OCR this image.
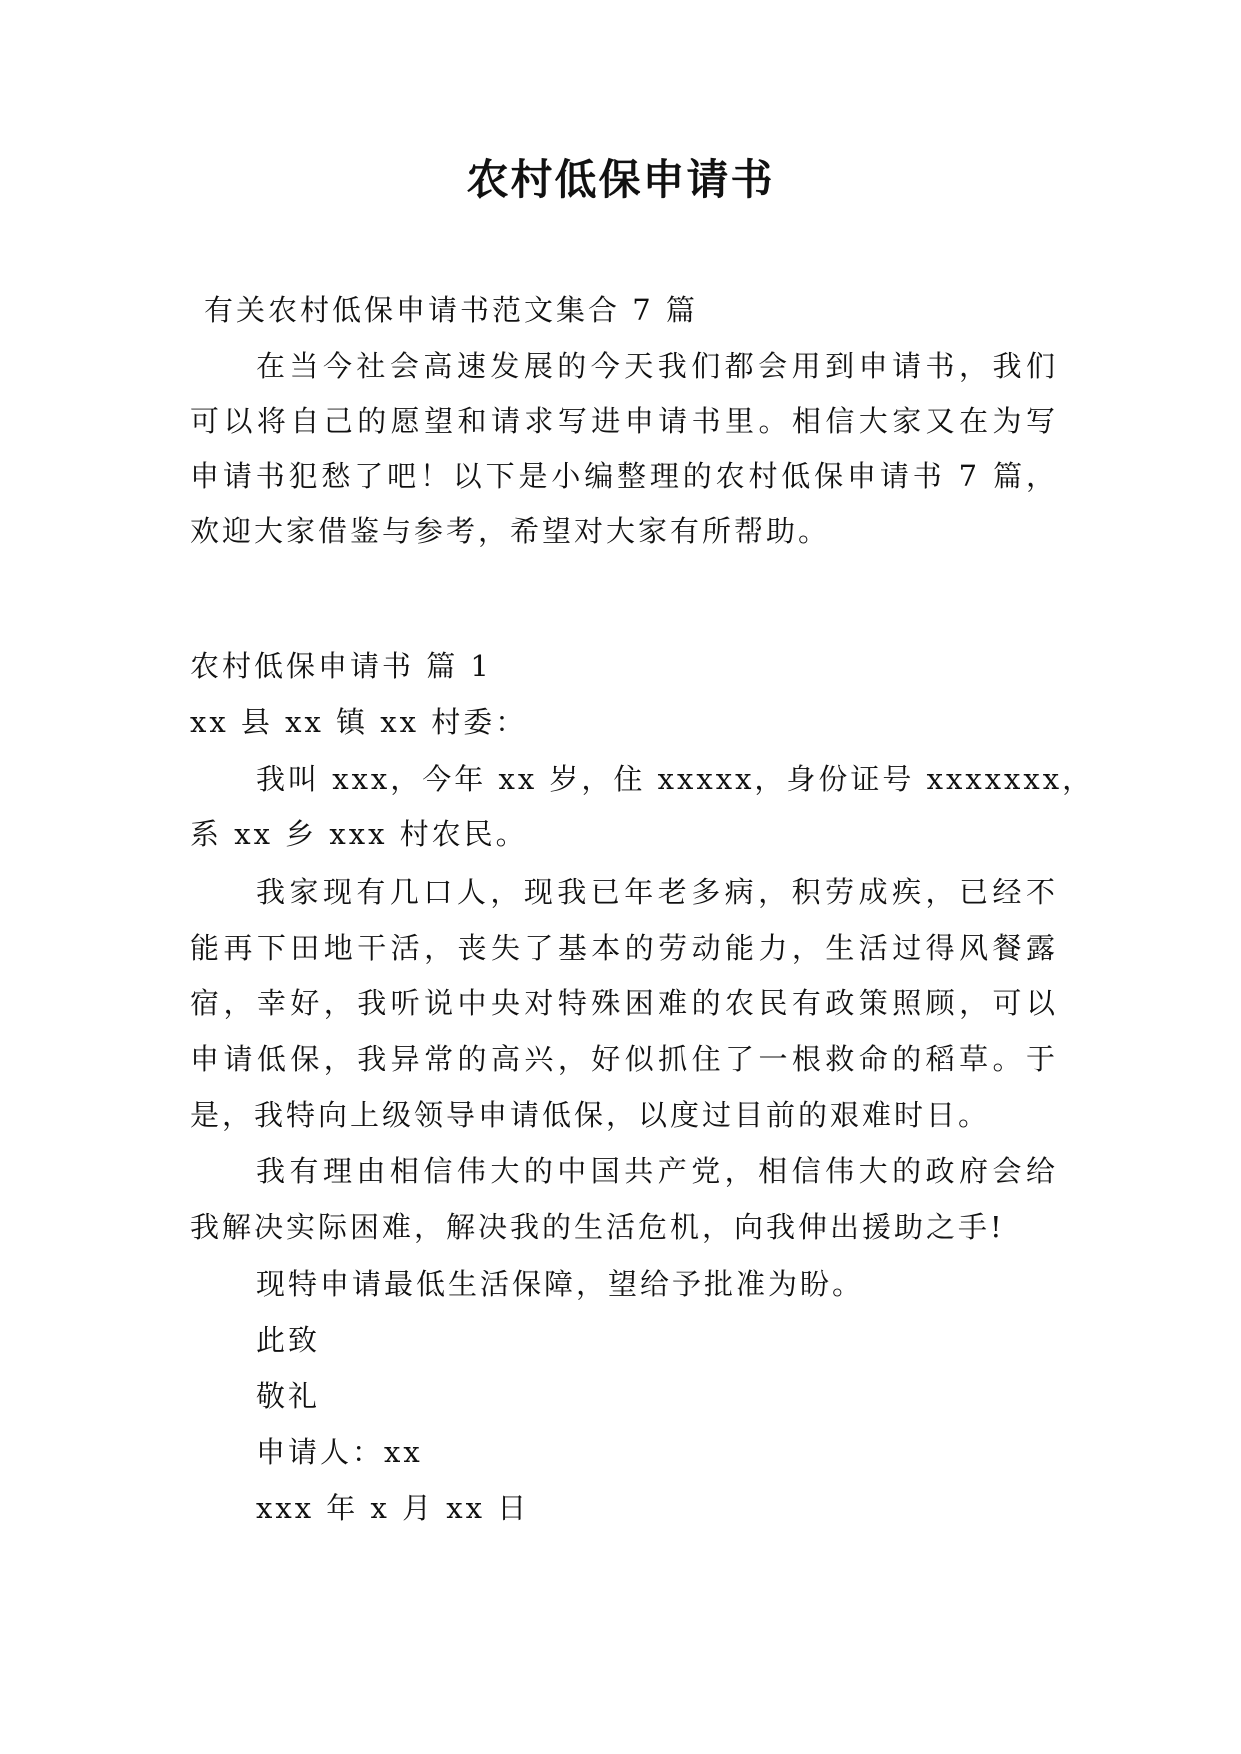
农村低保申请书
有关农村低保申请书范文集合 7 篇
在当今社会高速发展的今天我们都会用到申请书，我们
可以将自己的愿望和请求写进申请书里。相信大家又在为写
申请书犯愁了吧！以下是小编整理的农村低保申请书 7 篇，
欢迎大家借鉴与参考，希望对大家有所帮助。
农村低保申请书 篇 1
xx 县 xx 镇 xx 村委：
我叫 xxx，今年 xx 岁，住 xxxxx，身份证号 xxxxxxx，
系 xx 乡 xxx 村农民。
我家现有几口人，现我已年老多病，积劳成疾，已经不
能再下田地干活，丧失了基本的劳动能力，生活过得风餐露
宿，幸好，我听说中央对特殊困难的农民有政策照顾，可以
申请低保，我异常的高兴，好似抓住了一根救命的稻草。于
是，我特向上级领导申请低保，以度过目前的艰难时日。
我有理由相信伟大的中国共产党，相信伟大的政府会给
我解决实际困难，解决我的生活危机，向我伸出援助之手!
现特申请最低生活保障，望给予批准为盼。
此致
敬礼
申请人：xx
xxx 年 x 月 xx 日
